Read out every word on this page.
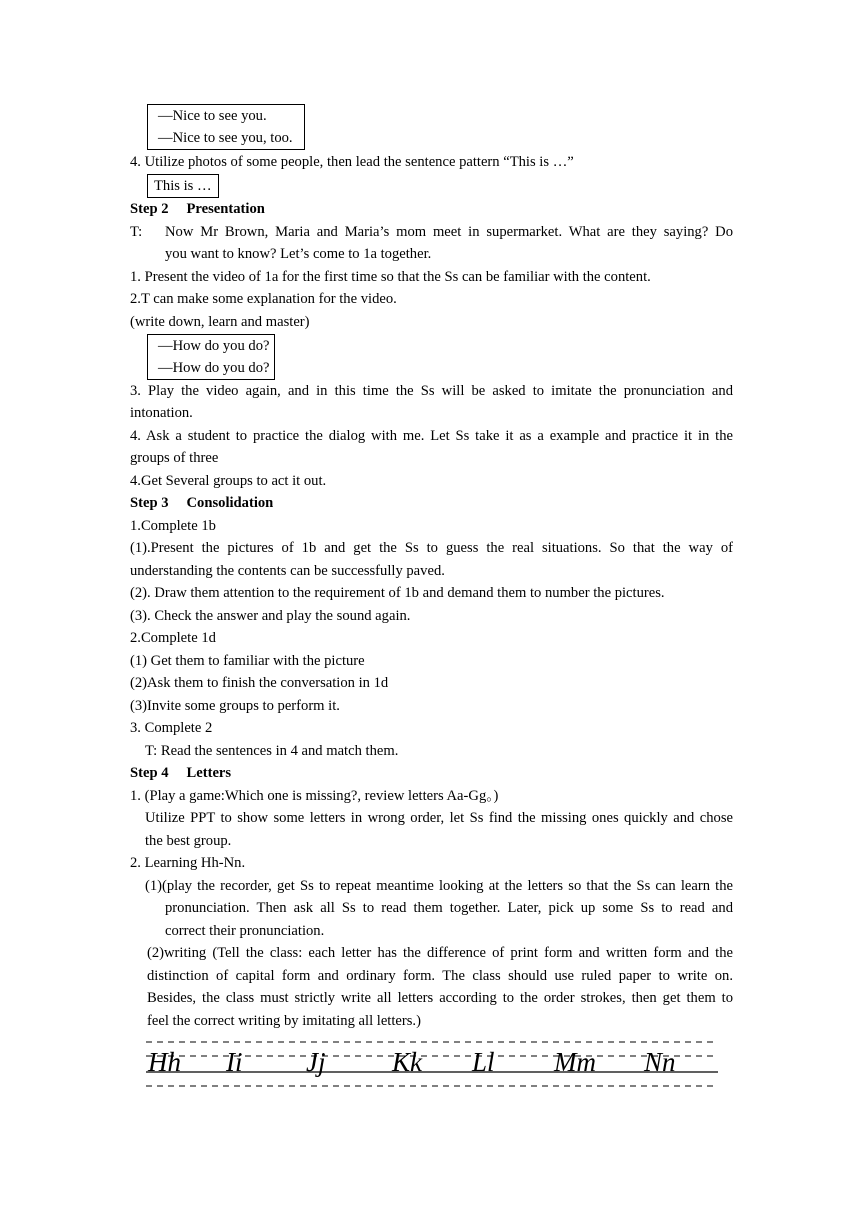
—Nice to see you.
—Nice to see you, too.
4. Utilize photos of some people, then lead the sentence pattern “This is …”
This is …
Step 2 Presentation
T: Now Mr Brown, Maria and Maria’s mom meet in supermarket. What are they saying? Do
you want to know? Let’s come to 1a together.
1. Present the video of 1a for the first time so that the Ss can be familiar with the content.
2.T can make some explanation for the video.
(write down, learn and master)
—How do you do?
—How do you do?
3. Play the video again, and in this time the Ss will be asked to imitate the pronunciation and
intonation.
4. Ask a student to practice the dialog with me. Let Ss take it as a example and practice it in the
groups of three
4.Get Several groups to act it out.
Step 3 Consolidation
1.Complete 1b
(1).Present the pictures of 1b and get the Ss to guess the real situations. So that the way of
understanding the contents can be successfully paved.
(2). Draw them attention to the requirement of 1b and demand them to number the pictures.
(3). Check the answer and play the sound again.
2.Complete 1d
(1) Get them to familiar with the picture
(2)Ask them to finish the conversation in 1d
(3)Invite some groups to perform it.
3. Complete 2
T: Read the sentences in 4 and match them.
Step 4 Letters
1. (Play a game:Which one is missing?, review letters Aa-Gg。)
Utilize PPT to show some letters in wrong order, let Ss find the missing ones quickly and chose
the best group.
2. Learning Hh-Nn.
(1)(play the recorder, get Ss to repeat meantime looking at the letters so that the Ss can learn the
pronunciation. Then ask all Ss to read them together. Later, pick up some Ss to read and
correct their pronunciation.
(2)writing (Tell the class: each letter has the difference of print form and written form and the
distinction of capital form and ordinary form. The class should use ruled paper to write on.
Besides, the class must strictly write all letters according to the order strokes, then get them to
feel the correct writing by imitating all letters.)
Hh Ii Jj Kk Ll Mm Nn
